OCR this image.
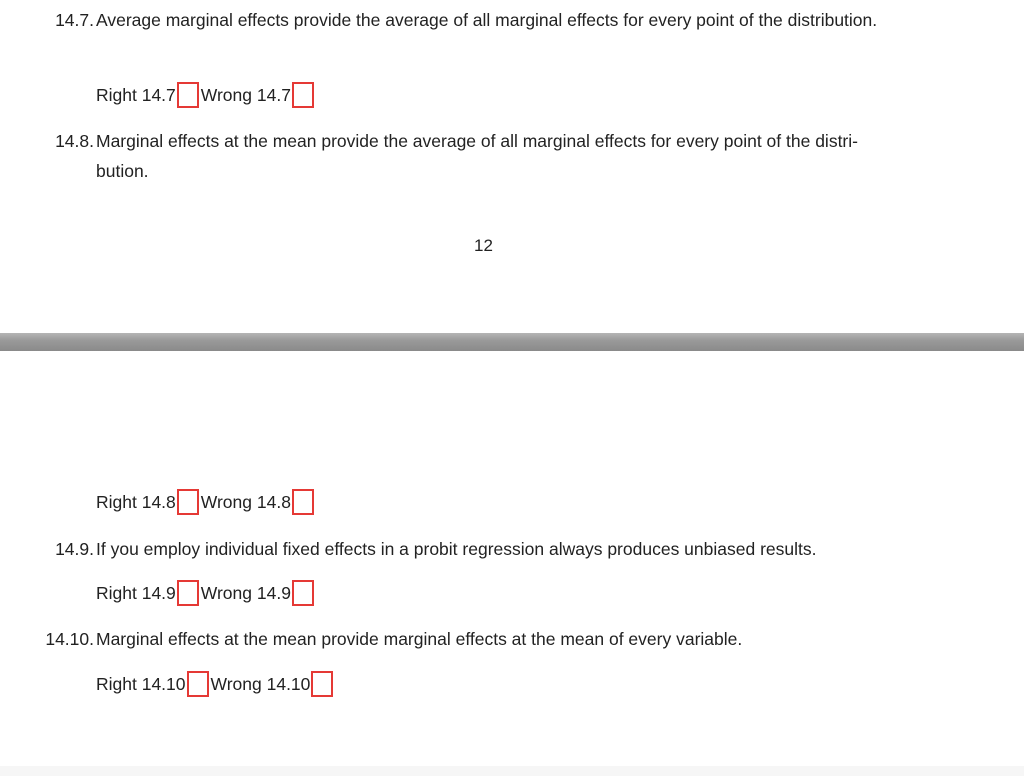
14.7. Average marginal effects provide the average of all marginal effects for every point of the distribution.
Right 14.7 Wrong 14.7
14.8. Marginal effects at the mean provide the average of all marginal effects for every point of the distri-
bution.
12
Right 14.8 Wrong 14.8
14.9. If you employ individual fixed effects in a probit regression always produces unbiased results.
Right 14.9 Wrong 14.9
14.10. Marginal effects at the mean provide marginal effects at the mean of every variable.
Right 14.10 Wrong 14.10
